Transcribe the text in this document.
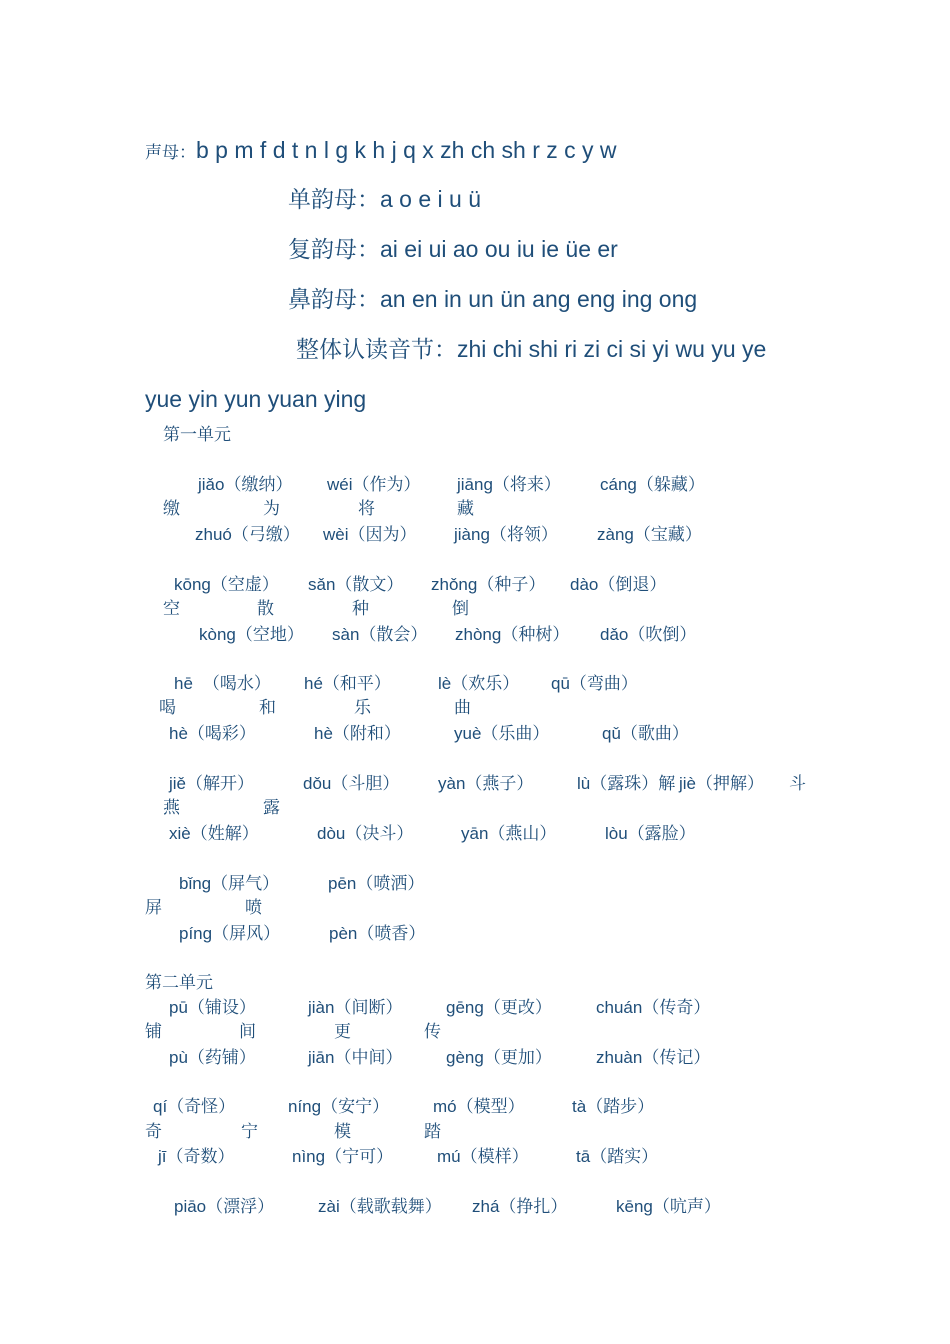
声母：b p m f d t n l g k h j q x zh ch sh r z c y w
单韵母：a o e i u ü
复韵母：ai ei ui ao ou iu ie üe er
鼻韵母：an en in un ün ang eng ing ong
整体认读音节：zhi chi shi ri zi ci si yi wu yu ye
yue yin yun yuan ying
第一单元
jiǎo（缴纳） wéi（作为） jiāng（将来） cáng（躲藏）
缴	为	将	藏
zhuó（弓缴） wèi（因为） jiàng（将领） zàng（宝藏）
kōng（空虚） sǎn（散文） zhǒng（种子） dào（倒退）
空	散	种	倒
kòng（空地） sàn（散会） zhòng（种树） dǎo（吹倒）
hē （喝水） hé（和平）	lè（欢乐） qū（弯曲）
喝	和	乐	曲
hè（喝彩）	hè（附和）	yuè（乐曲）	qǔ（歌曲）
jiě（解开）	dǒu（斗胆） yàn（燕子）	lù（露珠）解 jiè（押解） 斗
燕	露
xiè（姓解）	dòu（决斗）	yān（燕山）	lòu（露脸）
bǐng（屏气）	pēn（喷洒）
屏	喷
píng（屏风）	pèn（喷香）
第二单元
pū（铺设）	jiàn（间断）	gēng（更改）	chuán（传奇）
铺	间	更	传
pù（药铺）	jiān（中间）	gèng（更加）	zhuàn（传记）
qí（奇怪）	níng（安宁）	mó（模型）	tà（踏步）
奇	宁	模	踏
jī（奇数）	nìng（宁可）	mú（模样）	tā（踏实）
piāo（漂浮）	zài（载歌载舞） zhá（挣扎）	kēng（吭声）
